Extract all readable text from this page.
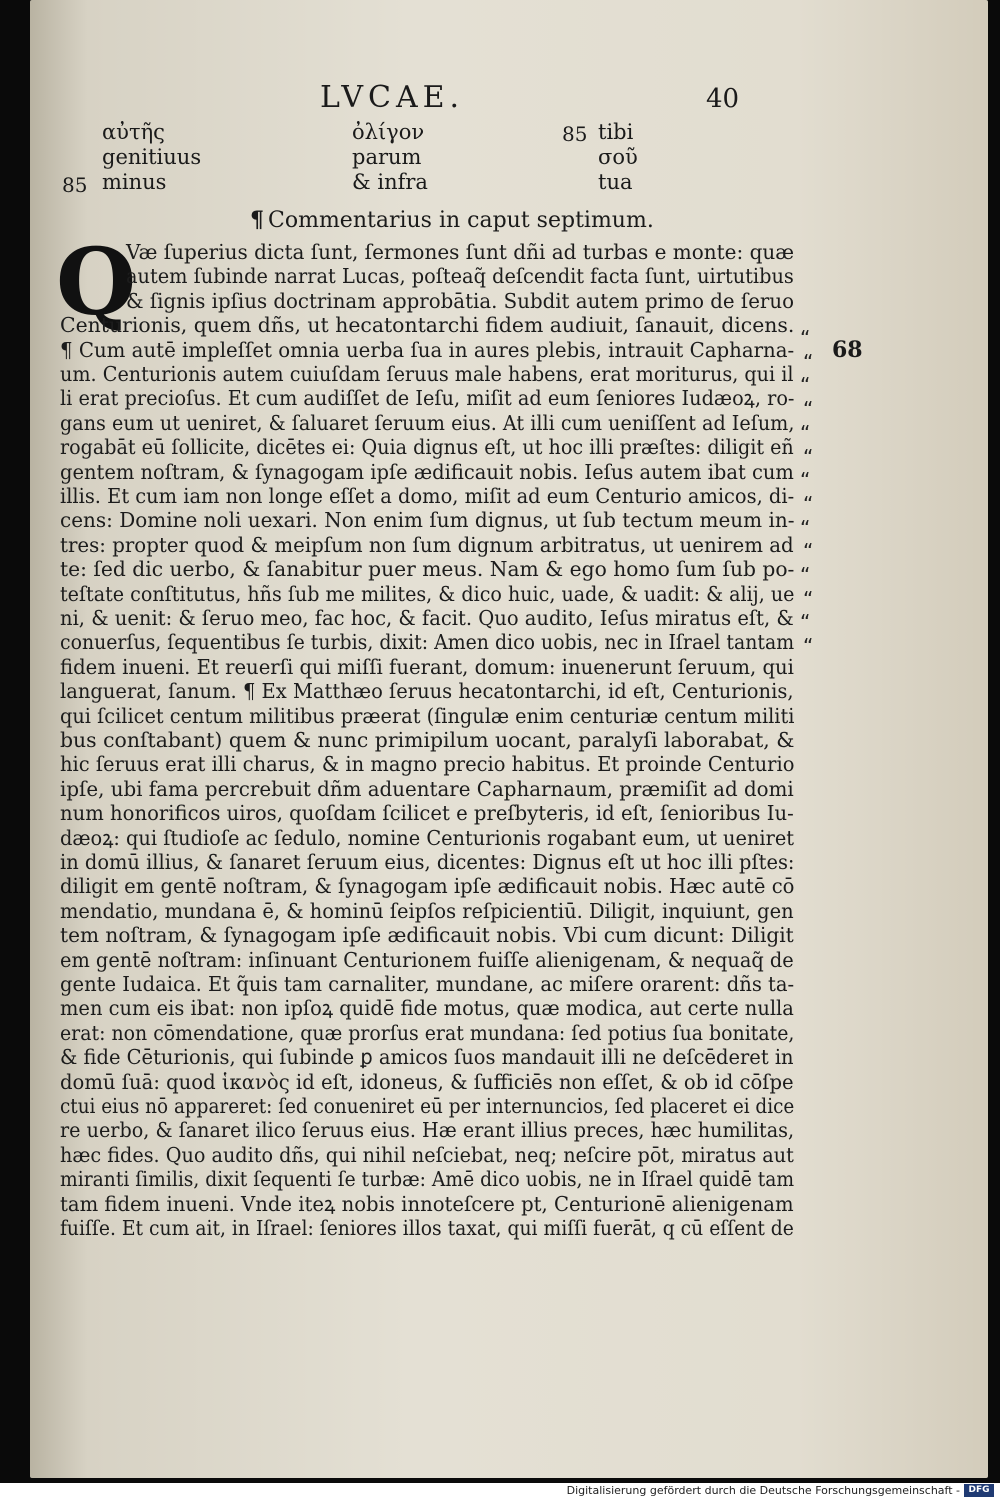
LVCAE.	40
αὐτῆς
genitiuus
minus
ὀλίγον
parum
& infra
tibi
σοῦ
tua
85
85
¶ Commentarius in caput septimum.
Q
Væ ſuperius dicta ſunt, ſermones ſunt dñi ad turbas e monte: quæ
autem ſubinde narrat Lucas, poſteaq̃ deſcendit facta ſunt, uirtutibus
& ſignis ipſius doctrinam approbātia. Subdit autem primo de ſeruo
Centurionis, quem dñs, ut hecatontarchi fidem audiuit, ſanauit, dicens.
¶ Cum autē impleſſet omnia uerba ſua in aures plebis, intrauit Capharna-
um. Centurionis autem cuiuſdam ſeruus male habens, erat moriturus, qui il
li erat precioſus. Et cum audiſſet de Ieſu, miſit ad eum ſeniores Iudæoꝝ, ro-
gans eum ut ueniret, & ſaluaret ſeruum eius. At illi cum ueniſſent ad Ieſum,
rogabāt eū ſollicite, dicētes ei: Quia dignus eſt, ut hoc illi præſtes: diligit eñ
gentem noſtram, & ſynagogam ipſe ædificauit nobis. Ieſus autem ibat cum
illis. Et cum iam non longe eſſet a domo, miſit ad eum Centurio amicos, di-
cens: Domine noli uexari. Non enim ſum dignus, ut ſub tectum meum in-
tres: propter quod & meipſum non ſum dignum arbitratus, ut uenirem ad
te: ſed dic uerbo, & ſanabitur puer meus. Nam & ego homo ſum ſub po-
teſtate conſtitutus, hñs ſub me milites, & dico huic, uade, & uadit: & alij, ue
ni, & uenit: & ſeruo meo, fac hoc, & facit. Quo audito, Ieſus miratus eſt, &
conuerſus, ſequentibus ſe turbis, dixit: Amen dico uobis, nec in Iſrael tantam
fidem inueni. Et reuerſi qui miſſi fuerant, domum: inuenerunt ſeruum, qui
languerat, ſanum. ¶ Ex Matthæo ſeruus hecatontarchi, id eſt, Centurionis,
qui ſcilicet centum militibus præerat (ſingulæ enim centuriæ centum militi
bus conſtabant) quem & nunc primipilum uocant, paralyſi laborabat, &
hic ſeruus erat illi charus, & in magno precio habitus. Et proinde Centurio
ipſe, ubi fama percrebuit dñm aduentare Capharnaum, præmiſit ad domi
num honorificos uiros, quoſdam ſcilicet e preſbyteris, id eſt, ſenioribus Iu-
dæoꝝ: qui ſtudioſe ac ſedulo, nomine Centurionis rogabant eum, ut ueniret
in domū illius, & ſanaret ſeruum eius, dicentes: Dignus eſt ut hoc illi pſtes:
diligit em gentē noſtram, & ſynagogam ipſe ædificauit nobis. Hæc autē cō
mendatio, mundana ē, & hominū ſeipſos reſpicientiū. Diligit, inquiunt, gen
tem noſtram, & ſynagogam ipſe ædificauit nobis. Vbi cum dicunt: Diligit
em gentē noſtram: inſinuant Centurionem fuiſſe alienigenam, & nequaq̃ de
gente Iudaica. Et q̃uis tam carnaliter, mundane, ac miſere orarent: dñs ta-
men cum eis ibat: non ipſoꝝ quidē fide motus, quæ modica, aut certe nulla
erat: non cōmendatione, quæ prorſus erat mundana: ſed potius ſua bonitate,
& fide Cēturionis, qui ſubinde ꝑ amicos ſuos mandauit illi ne deſcēderet in
domū ſuā: quod ἱκανὸς id eſt, idoneus, & ſufficiēs non eſſet, & ob id cōſpe
ctui eius nō appareret: ſed conueniret eū per internuncios, ſed placeret ei dice
re uerbo, & ſanaret ilico ſeruus eius. Hæ erant illius preces, hæc humilitas,
hæc fides. Quo audito dñs, qui nihil neſciebat, neq; neſcire pōt, miratus aut
miranti ſimilis, dixit ſequenti ſe turbæ: Amē dico uobis, ne in Iſrael quidē tam
tam fidem inueni. Vnde iteꝝ nobis innoteſcere pt, Centurionē alienigenam
fuiſſe. Et cum ait, in Iſrael: ſeniores illos taxat, qui miſſi fuerāt, q cū eſſent de
“
“
“
“
“
“
“
“
“
“
“
“
“
“
68
Digitalisierung gefördert durch die Deutsche Forschungsgemeinschaft - DFG
